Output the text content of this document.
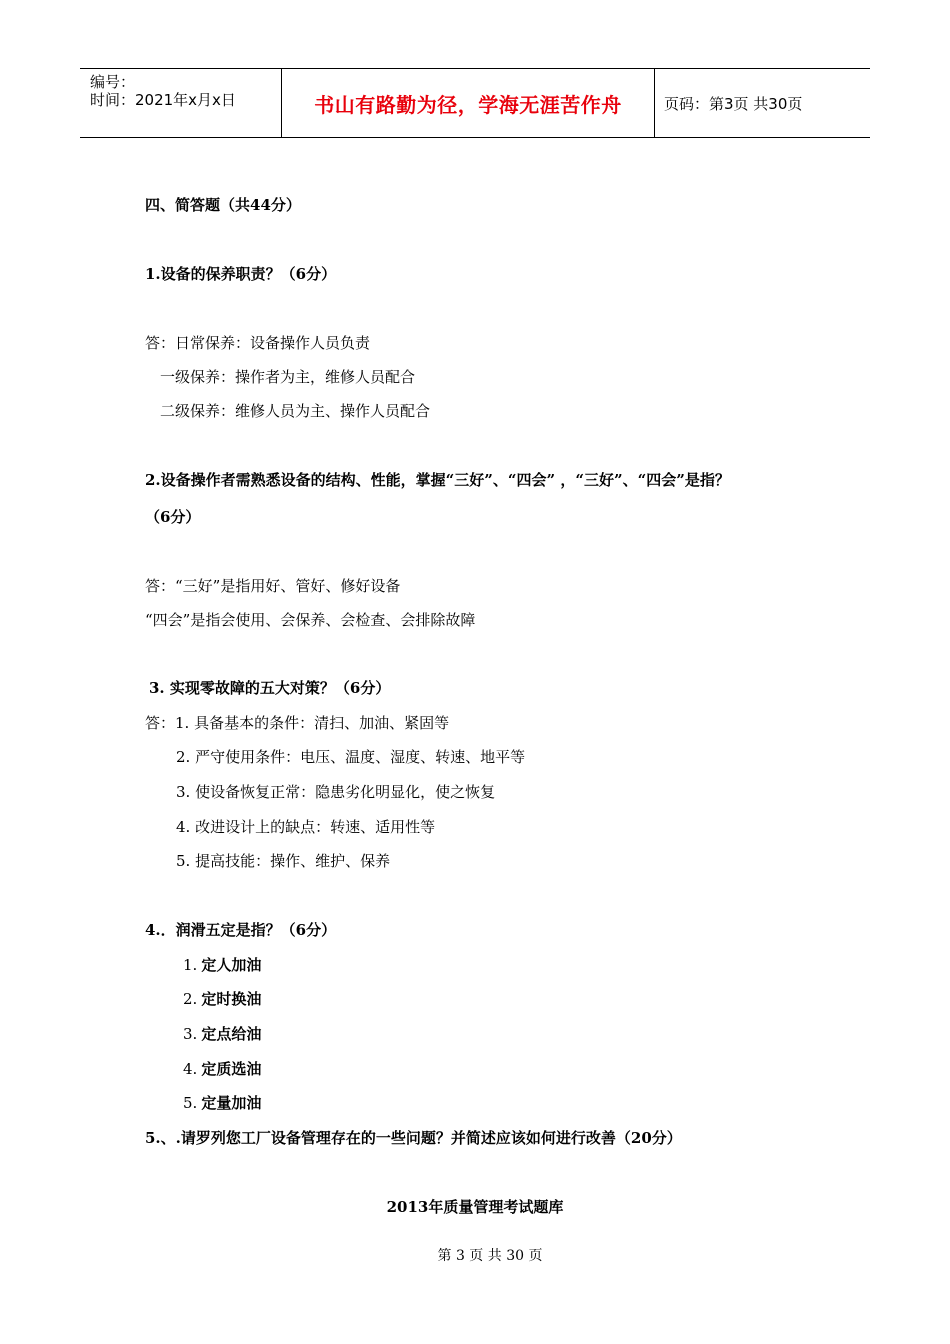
编号：
时间：2021年x月x日	书山有路勤为径，学海无涯苦作舟	页码：第3页 共30页
四、简答题（共44分）
1.设备的保养职责？（6分）
答：日常保养：设备操作人员负责
一级保养：操作者为主，维修人员配合
二级保养：维修人员为主、操作人员配合
2.设备操作者需熟悉设备的结构、性能，掌握“三好”、“四会” ，“三好”、“四会”是指？
（6分）
答：“三好”是指用好、管好、修好设备
“四会”是指会使用、会保养、会检查、会排除故障
3. 实现零故障的五大对策？（6分）
答：1. 具备基本的条件：清扫、加油、紧固等
2. 严守使用条件：电压、温度、湿度、转速、地平等
3. 使设备恢复正常：隐患劣化明显化，使之恢复
4. 改进设计上的缺点：转速、适用性等
5. 提高技能：操作、维护、保养
4.．润滑五定是指？（6分）
1. 定人加油
2. 定时换油
3. 定点给油
4. 定质选油
5. 定量加油
5.、.请罗列您工厂设备管理存在的一些问题？并简述应该如何进行改善（20分）
2013年质量管理考试题库
第 3 页 共 30 页
